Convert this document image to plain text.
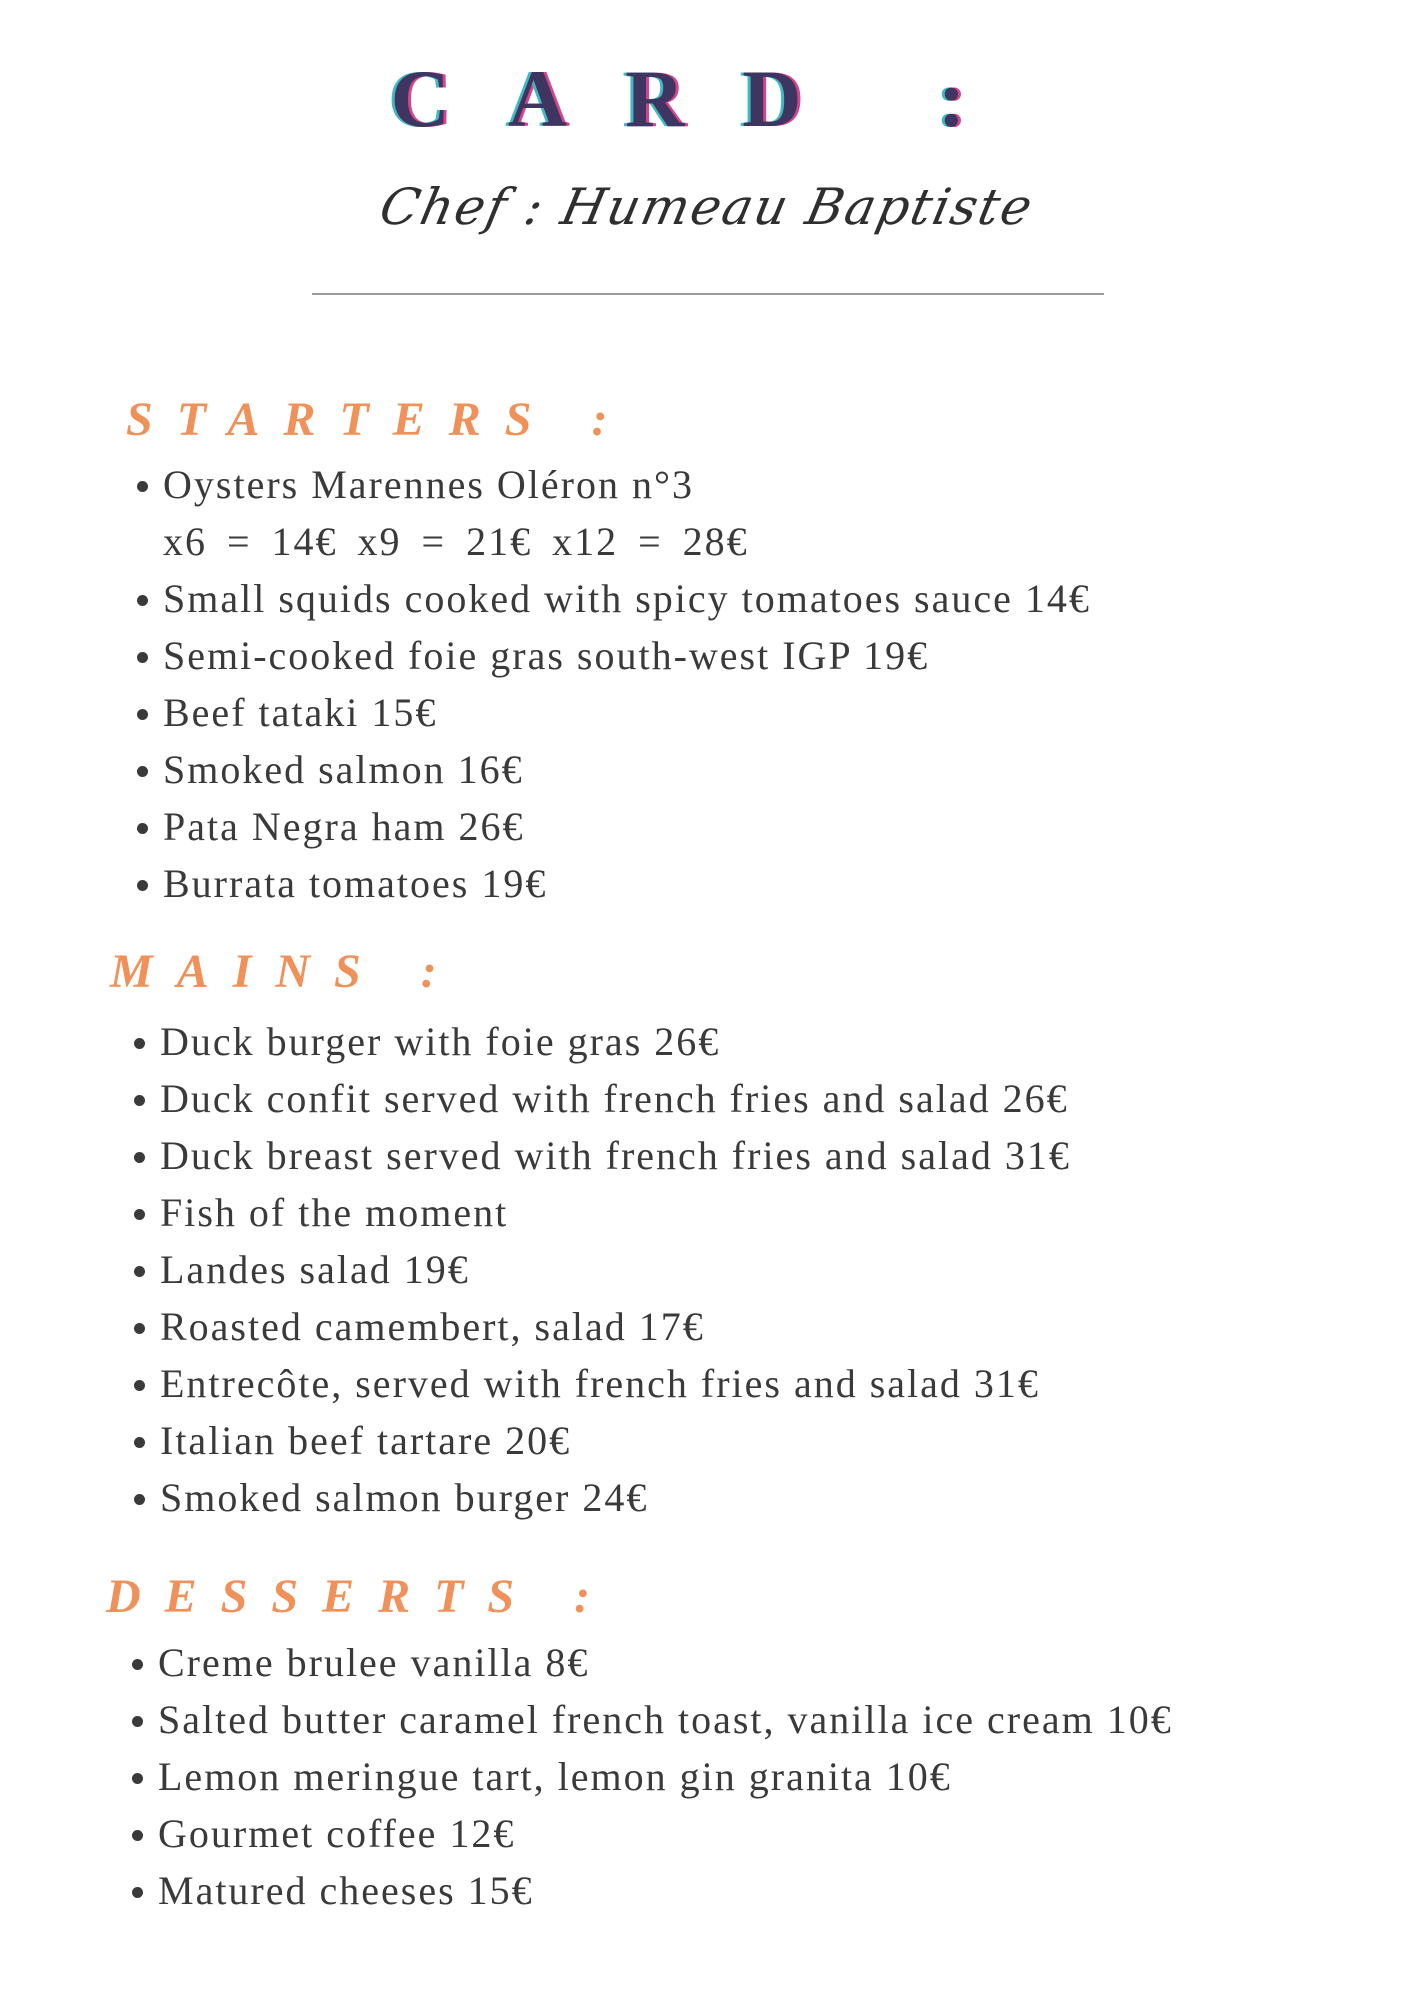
CARD :
Chef : Humeau Baptiste
STARTERS :
Oysters Marennes Oléron n°3
x6 = 14€ x9 = 21€ x12 = 28€
Small squids cooked with spicy tomatoes sauce 14€
Semi-cooked foie gras south-west IGP 19€
Beef tataki 15€
Smoked salmon 16€
Pata Negra ham 26€
Burrata tomatoes 19€
MAINS :
Duck burger with foie gras 26€
Duck confit served with french fries and salad 26€
Duck breast served with french fries and salad 31€
Fish of the moment
Landes salad 19€
Roasted camembert, salad 17€
Entrecôte, served with french fries and salad 31€
Italian beef tartare 20€
Smoked salmon burger 24€
DESSERTS :
Creme brulee vanilla 8€
Salted butter caramel french toast, vanilla ice cream 10€
Lemon meringue tart, lemon gin granita 10€
Gourmet coffee 12€
Matured cheeses 15€
